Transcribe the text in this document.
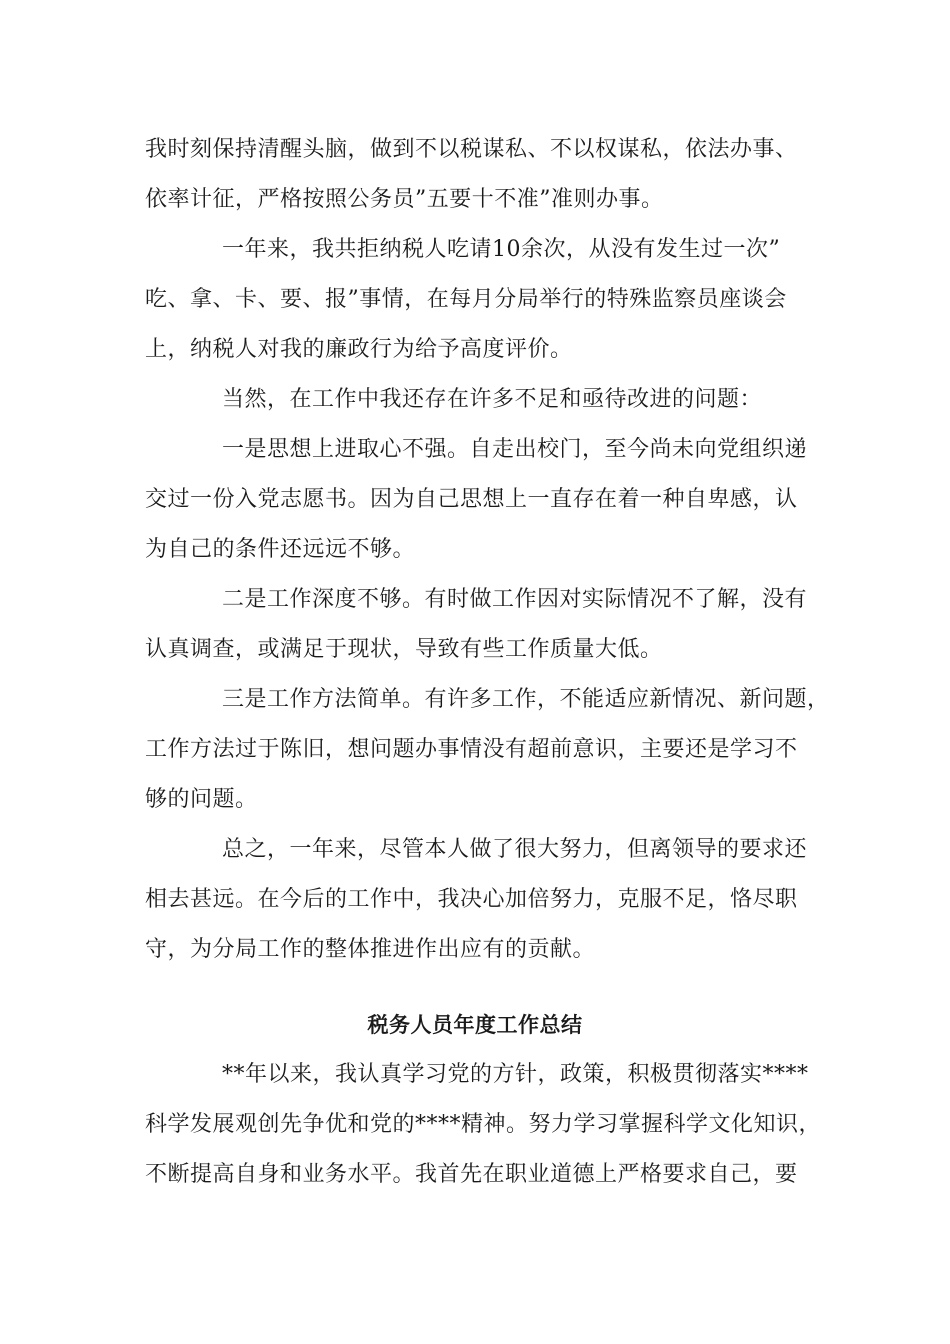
我时刻保持清醒头脑，做到不以税谋私、不以权谋私，依法办事、
依率计征，严格按照公务员”五要十不准”准则办事。
一年来，我共拒纳税人吃请10余次，从没有发生过一次”
吃、拿、卡、要、报”事情，在每月分局举行的特殊监察员座谈会
上，纳税人对我的廉政行为给予高度评价。
当然，在工作中我还存在许多不足和亟待改进的问题：
一是思想上进取心不强。自走出校门，至今尚未向党组织递
交过一份入党志愿书。因为自己思想上一直存在着一种自卑感，认
为自己的条件还远远不够。
二是工作深度不够。有时做工作因对实际情况不了解，没有
认真调查，或满足于现状，导致有些工作质量大低。
三是工作方法简单。有许多工作，不能适应新情况、新问题，
工作方法过于陈旧，想问题办事情没有超前意识，主要还是学习不
够的问题。
总之，一年来，尽管本人做了很大努力，但离领导的要求还
相去甚远。在今后的工作中，我决心加倍努力，克服不足，恪尽职
守，为分局工作的整体推进作出应有的贡献。
税务人员年度工作总结
**年以来，我认真学习党的方针，政策，积极贯彻落实****
科学发展观创先争优和党的****精神。努力学习掌握科学文化知识，
不断提高自身和业务水平。我首先在职业道德上严格要求自己，要
